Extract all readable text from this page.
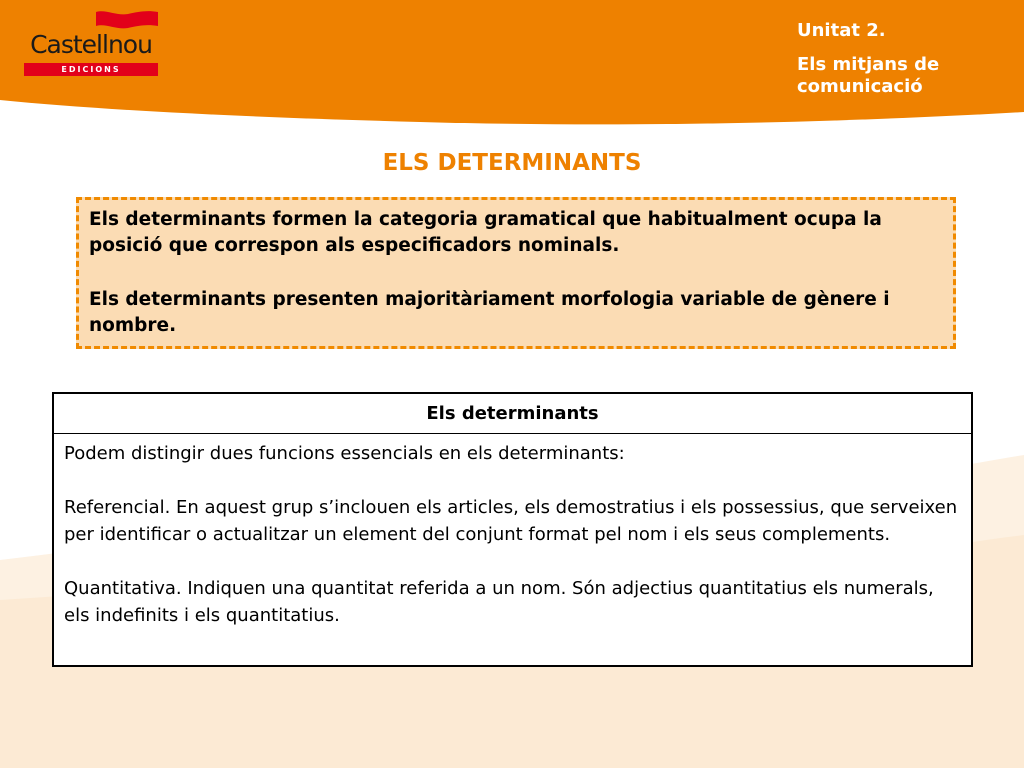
Castellnou
EDICIONS
Unitat 2.
Els mitjans de comunicació
ELS DETERMINANTS

Els determinants formen la categoria gramatical que habitualment ocupa la posició que correspon als especificadors nominals.

Els determinants presenten majoritàriament morfologia variable de gènere i nombre.

Els determinants

Podem distingir dues funcions essencials en els determinants:

Referencial. En aquest grup s’inclouen els articles, els demostratius i els possessius, que serveixen per identificar o actualitzar un element del conjunt format pel nom i els seus complements.

Quantitativa. Indiquen una quantitat referida a un nom. Són adjectius quantitatius els numerals, els indefinits i els quantitatius.
